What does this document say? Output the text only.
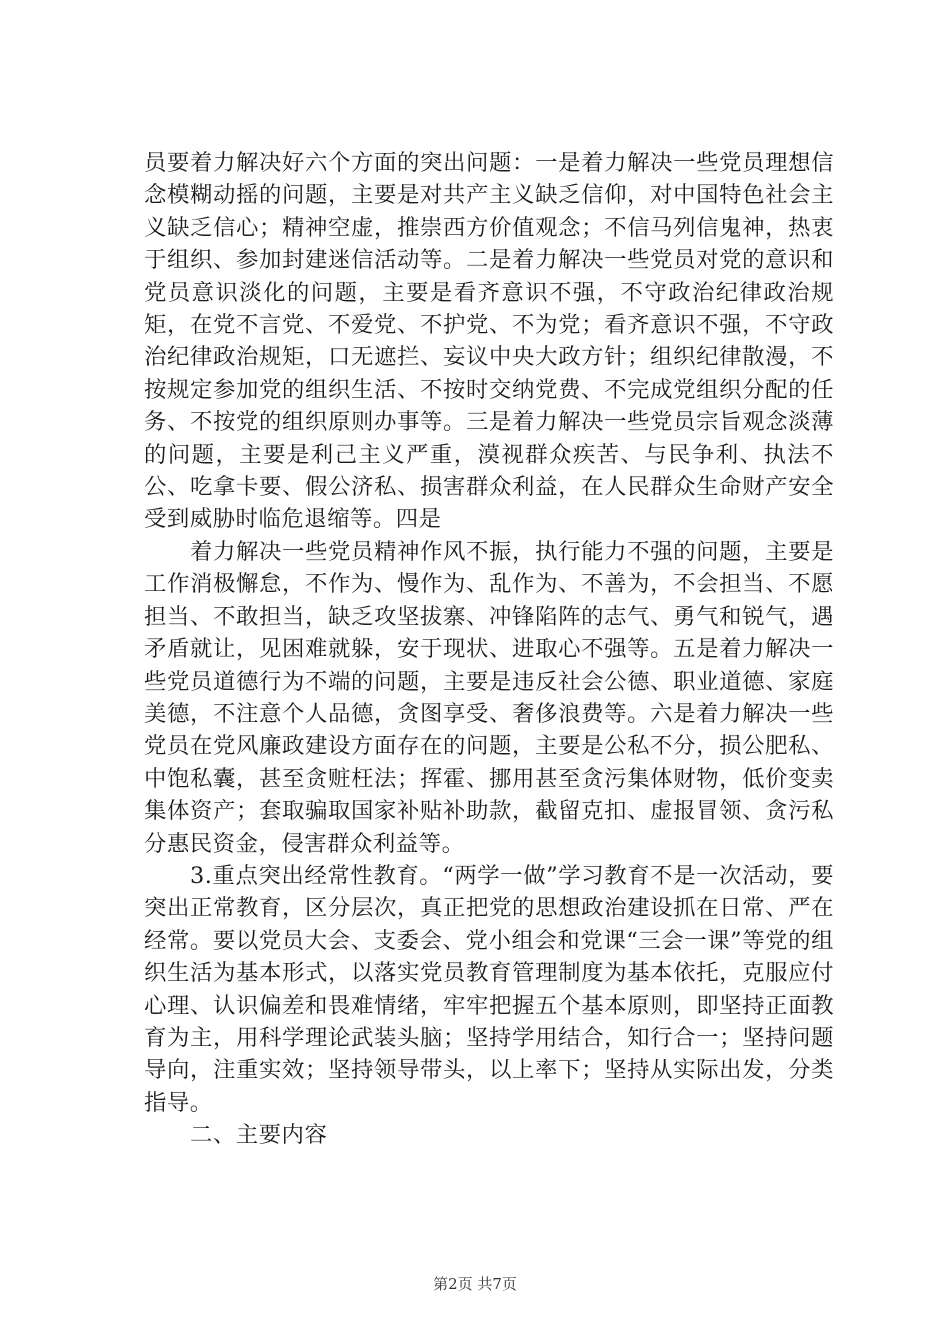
员要着力解决好六个方面的突出问题：一是着力解决一些党员理想信念模糊动摇的问题，主要是对共产主义缺乏信仰，对中国特色社会主义缺乏信心；精神空虚，推崇西方价值观念；不信马列信鬼神，热衷于组织、参加封建迷信活动等。二是着力解决一些党员对党的意识和党员意识淡化的问题，主要是看齐意识不强，不守政治纪律政治规矩，在党不言党、不爱党、不护党、不为党；看齐意识不强，不守政治纪律政治规矩，口无遮拦、妄议中央大政方针；组织纪律散漫，不按规定参加党的组织生活、不按时交纳党费、不完成党组织分配的任务、不按党的组织原则办事等。三是着力解决一些党员宗旨观念淡薄的问题，主要是利己主义严重，漠视群众疾苦、与民争利、执法不公、吃拿卡要、假公济私、损害群众利益，在人民群众生命财产安全受到威胁时临危退缩等。四是

着力解决一些党员精神作风不振，执行能力不强的问题，主要是工作消极懈怠，不作为、慢作为、乱作为、不善为，不会担当、不愿担当、不敢担当，缺乏攻坚拔寨、冲锋陷阵的志气、勇气和锐气，遇矛盾就让，见困难就躲，安于现状、进取心不强等。五是着力解决一些党员道德行为不端的问题，主要是违反社会公德、职业道德、家庭美德，不注意个人品德，贪图享受、奢侈浪费等。六是着力解决一些党员在党风廉政建设方面存在的问题，主要是公私不分，损公肥私、中饱私囊，甚至贪赃枉法；挥霍、挪用甚至贪污集体财物，低价变卖集体资产；套取骗取国家补贴补助款，截留克扣、虚报冒领、贪污私分惠民资金，侵害群众利益等。

3.重点突出经常性教育。“两学一做”学习教育不是一次活动，要突出正常教育，区分层次，真正把党的思想政治建设抓在日常、严在经常。要以党员大会、支委会、党小组会和党课“三会一课”等党的组织生活为基本形式，以落实党员教育管理制度为基本依托，克服应付心理、认识偏差和畏难情绪，牢牢把握五个基本原则，即坚持正面教育为主，用科学理论武装头脑；坚持学用结合，知行合一；坚持问题导向，注重实效；坚持领导带头，以上率下；坚持从实际出发，分类指导。

二、主要内容

第2页 共7页
